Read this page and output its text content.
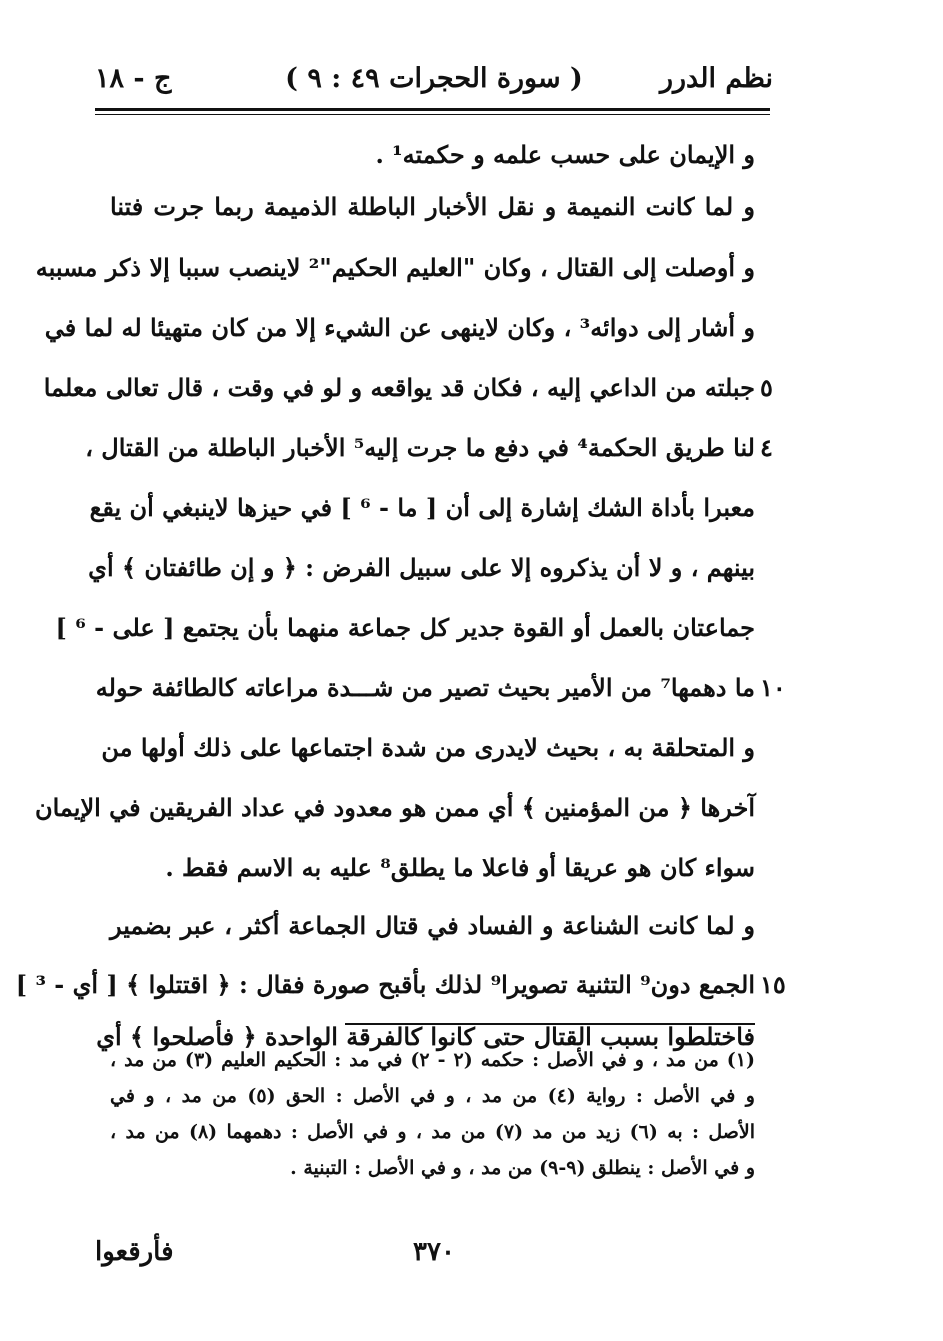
نظم الدرر
( سورة الحجرات ٤٩ : ٩ )
ج - ١٨
و الإيمان على حسب علمه و حكمته¹ .
و لما كانت النميمة و نقل الأخبار الباطلة الذميمة ربما جرت فتنا
و أوصلت إلى القتال ، وكان "العليم الحكيم"² لاينصب سببا إلا ذكر مسببه
و أشار إلى دوائه³ ، وكان لاينهى عن الشيء إلا من كان متهيئا له لما في
جبلته من الداعي إليه ، فكان قد يواقعه و لو في وقت ، قال تعالى معلما ٥
لنا طريق الحكمة⁴ في دفع ما جرت إليه⁵ الأخبار الباطلة من القتال ، ٤
معبرا بأداة الشك إشارة إلى أن [ ما - ⁶ ] في حيزها لاينبغي أن يقع
بينهم ، و لا أن يذكروه إلا على سبيل الفرض : ﴿ و إن طائفتان ﴾ أي
جماعتان بالعمل أو القوة جدير كل جماعة منهما بأن يجتمع [ على - ⁶ ]
ما دهمها⁷ من الأمير بحيث تصير من شـــدة مراعاته كالطائفة حوله ١٠
و المتحلقة به ، بحيث لايدرى من شدة اجتماعها على ذلك أولها من
آخرها ﴿ من المؤمنين ﴾ أي ممن هو معدود في عداد الفريقين في الإيمان
سواء كان هو عريقا أو فاعلا ما يطلق⁸ عليه به الاسم فقط .
و لما كانت الشناعة و الفساد في قتال الجماعة أكثر ، عبر بضمير
الجمع دون⁹ التثنية تصويرا⁹ لذلك بأقبح صورة فقال : ﴿ اقتتلوا ﴾ [ أي - ³ ] ١٥
فاختلطوا بسبب القتال حتى كانوا كالفرقة الواحدة ﴿ فأصلحوا ﴾ أي
(١) من مد ، و في الأصل : حكمه (٢ - ٢) في مد : الحكيم العليم (٣) من مد ،
و في الأصل : رواية (٤) من مد ، و في الأصل : الحق (٥) من مد ، و في
الأصل : به (٦) زيد من مد (٧) من مد ، و في الأصل : دهمهما (٨) من مد ،
و في الأصل : ينطلق (٩-٩) من مد ، و في الأصل : التبنية .
٣٧٠
فأرقعوا
